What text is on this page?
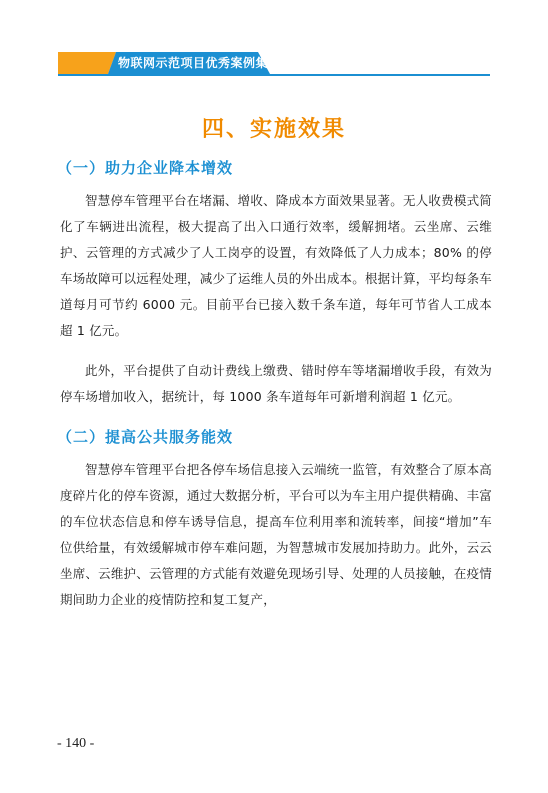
物联网示范项目优秀案例集
四、实施效果
（一）助力企业降本增效

智慧停车管理平台在堵漏、增收、降成本方面效果显著。无人收费模式简化了车辆进出流程，极大提高了出入口通行效率，缓解拥堵。云坐席、云维护、云管理的方式减少了人工岗亭的设置，有效降低了人力成本；80% 的停车场故障可以远程处理，减少了运维人员的外出成本。根据计算，平均每条车道每月可节约 6000 元。目前平台已接入数千条车道，每年可节省人工成本超 1 亿元。

此外，平台提供了自动计费线上缴费、错时停车等堵漏增收手段，有效为停车场增加收入，据统计，每 1000 条车道每年可新增利润超 1 亿元。

（二）提高公共服务能效

智慧停车管理平台把各停车场信息接入云端统一监管，有效整合了原本高度碎片化的停车资源，通过大数据分析，平台可以为车主用户提供精确、丰富的车位状态信息和停车诱导信息，提高车位利用率和流转率，间接“增加”车位供给量，有效缓解城市停车难问题，为智慧城市发展加持助力。此外，云云坐席、云维护、云管理的方式能有效避免现场引导、处理的人员接触，在疫情期间助力企业的疫情防控和复工复产，

- 140 -
